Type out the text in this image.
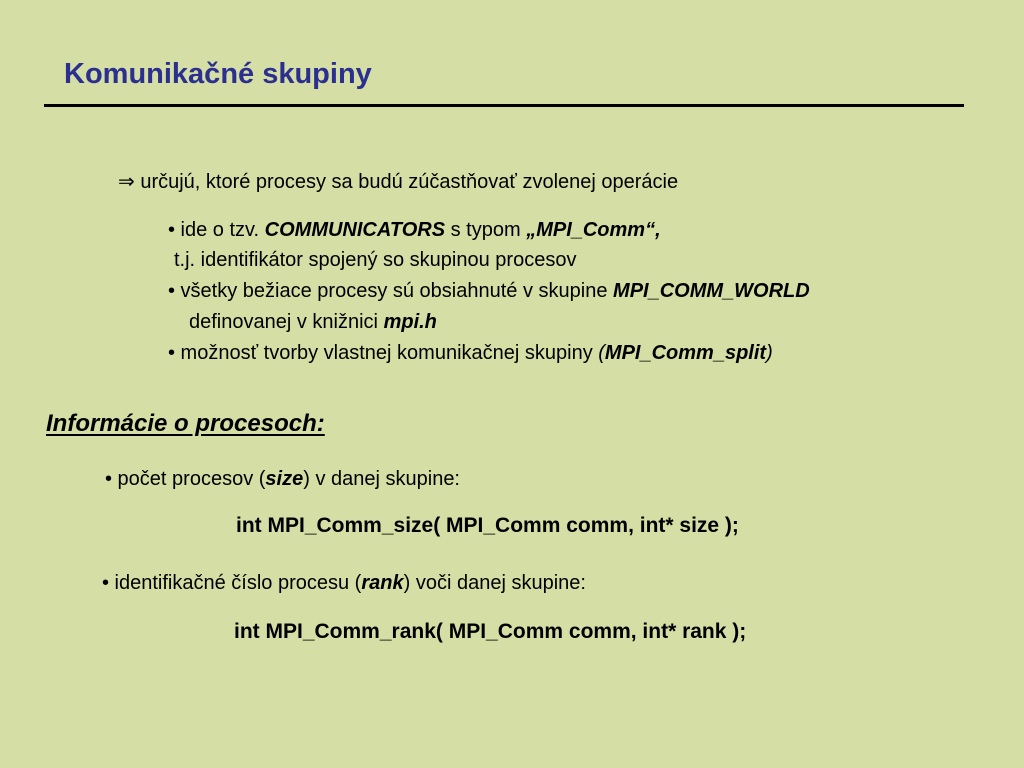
Komunikačné skupiny
⇒ určujú, ktoré procesy sa budú zúčastňovať zvolenej operácie
• ide o tzv. COMMUNICATORS s typom „MPI_Comm“,
t.j. identifikátor spojený so skupinou procesov
• všetky bežiace procesy sú obsiahnuté v skupine MPI_COMM_WORLD
definovanej v knižnici mpi.h
• možnosť tvorby vlastnej komunikačnej skupiny (MPI_Comm_split)
Informácie o procesoch:
• počet procesov (size) v danej skupine:
int MPI_Comm_size( MPI_Comm comm, int* size );
• identifikačné číslo procesu (rank) voči danej skupine:
int MPI_Comm_rank( MPI_Comm comm, int* rank );
